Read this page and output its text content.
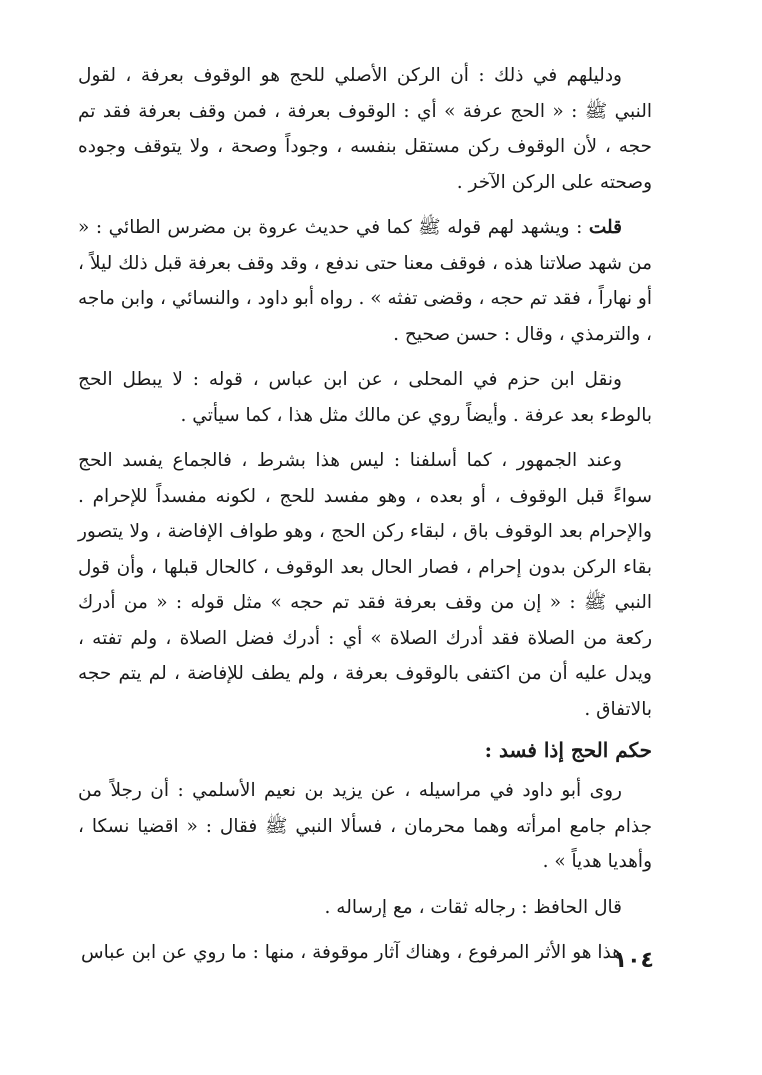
ودليلهم في ذلك : أن الركن الأصلي للحج هو الوقوف بعرفة ، لقول النبي ﷺ : « الحج عرفة » أي : الوقوف بعرفة ، فمن وقف بعرفة فقد تم حجه ، لأن الوقوف ركن مستقل بنفسه ، وجوداً وصحة ، ولا يتوقف وجوده وصحته على الركن الآخر .

قلت : ويشهد لهم قوله ﷺ كما في حديث عروة بن مضرس الطائي : « من شهد صلاتنا هذه ، فوقف معنا حتى ندفع ، وقد وقف بعرفة قبل ذلك ليلاً ، أو نهاراً ، فقد تم حجه ، وقضى تفثه » . رواه أبو داود ، والنسائي ، وابن ماجه ، والترمذي ، وقال : حسن صحيح .

ونقل ابن حزم في المحلى ، عن ابن عباس ، قوله : لا يبطل الحج بالوطء بعد عرفة . وأيضاً روي عن مالك مثل هذا ، كما سيأتي .

وعند الجمهور ، كما أسلفنا : ليس هذا بشرط ، فالجماع يفسد الحج سواءً قبل الوقوف ، أو بعده ، وهو مفسد للحج ، لكونه مفسداً للإحرام . والإحرام بعد الوقوف باق ، لبقاء ركن الحج ، وهو طواف الإفاضة ، ولا يتصور بقاء الركن بدون إحرام ، فصار الحال بعد الوقوف ، كالحال قبلها ، وأن قول النبي ﷺ : « إن من وقف بعرفة فقد تم حجه » مثل قوله : « من أدرك ركعة من الصلاة فقد أدرك الصلاة » أي : أدرك فضل الصلاة ، ولم تفته ، ويدل عليه أن من اكتفى بالوقوف بعرفة ، ولم يطف للإفاضة ، لم يتم حجه بالاتفاق .

حكم الحج إذا فسد :

روى أبو داود في مراسيله ، عن يزيد بن نعيم الأسلمي : أن رجلاً من جذام جامع امرأته وهما محرمان ، فسألا النبي ﷺ فقال : « اقضيا نسكا ، وأهديا هدياً » .

قال الحافظ : رجاله ثقات ، مع إرساله .

هذا هو الأثر المرفوع ، وهناك آثار موقوفة ، منها : ما روي عن ابن عباس

١٠٤
